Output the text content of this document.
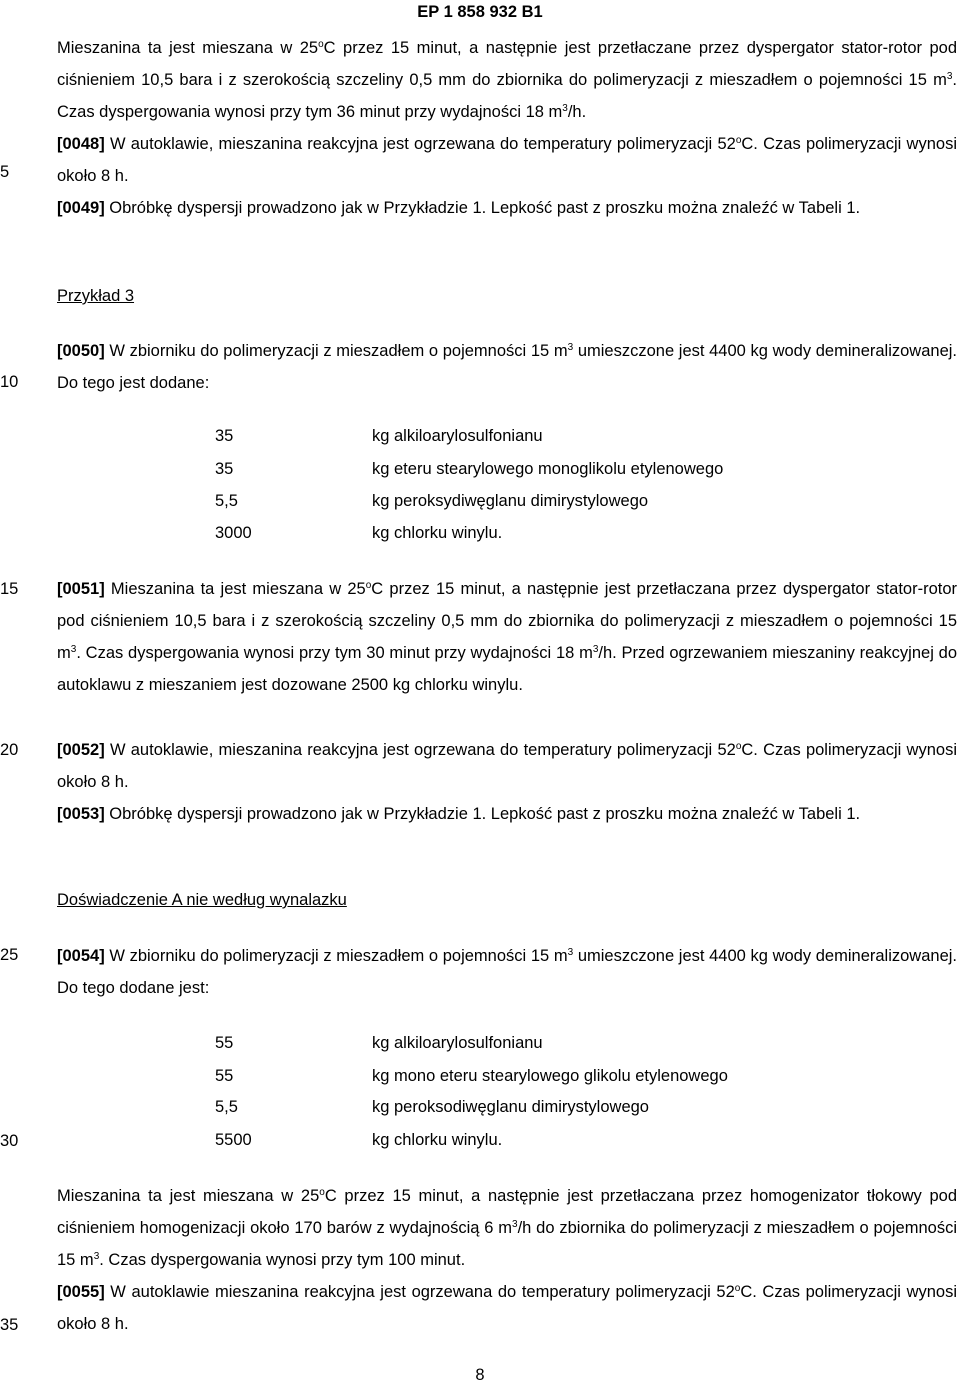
EP 1 858 932 B1
5
10
15
20
25
30
35

Mieszanina ta jest mieszana w 25$^o$C przez 15 minut, a następnie jest przetłaczane przez dyspergator stator-rotor pod ciśnieniem 10,5 bara i z szerokością szczeliny 0,5 mm do zbiornika do polimeryzacji z mieszadłem o pojemności 15 $m^3$. Czas dyspergowania wynosi przy tym 36 minut przy wydajności 18 $m^3/h$.

[0048] W autoklawie, mieszanina reakcyjna jest ogrzewana do temperatury polimeryzacji 52$^o$C. Czas polimeryzacji wynosi około 8 h.

[0049] Obróbkę dyspersji prowadzono jak w Przykładzie 1. Lepkość past z proszku można znaleźć w Tabeli 1.

Przykład 3

[0050] W zbiorniku do polimeryzacji z mieszadłem o pojemności 15 $m^3$ umieszczone jest 4400 kg wody demineralizowanej. Do tego jest dodane:

35	kg alkiloarylosulfonianu
35	kg eteru stearylowego monoglikolu etylenowego
5,5	kg peroksydiwęglanu dimirystylowego
3000	kg chlorku winylu.

[0051] Mieszanina ta jest mieszana w 25$^o$C przez 15 minut, a następnie jest przetłaczana przez dyspergator stator-rotor pod ciśnieniem 10,5 bara i z szerokością szczeliny 0,5 mm do zbiornika do polimeryzacji z mieszadłem o pojemności 15 $m^3$. Czas dyspergowania wynosi przy tym 30 minut przy wydajności 18 $m^3/h$. Przed ogrzewaniem mieszaniny reakcyjnej do autoklawu z mieszaniem jest dozowane 2500 kg chlorku winylu.

[0052] W autoklawie, mieszanina reakcyjna jest ogrzewana do temperatury polimeryzacji 52$^o$C. Czas polimeryzacji wynosi około 8 h.

[0053] Obróbkę dyspersji prowadzono jak w Przykładzie 1. Lepkość past z proszku można znaleźć w Tabeli 1.

Doświadczenie A nie według wynalazku

[0054] W zbiorniku do polimeryzacji z mieszadłem o pojemności 15 $m^3$ umieszczone jest 4400 kg wody demineralizowanej. Do tego dodane jest:

55	kg alkiloarylosulfonianu
55	kg mono eteru stearylowego glikolu etylenowego
5,5	kg peroksodiwęglanu dimirystylowego
5500	kg chlorku winylu.

Mieszanina ta jest mieszana w 25$^o$C przez 15 minut, a następnie jest przetłaczana przez homogenizator tłokowy pod ciśnieniem homogenizacji około 170 barów z wydajnością 6 $m^3/h$ do zbiornika do polimeryzacji z mieszadłem o pojemności 15 $m^3$. Czas dyspergowania wynosi przy tym 100 minut.

[0055] W autoklawie mieszanina reakcyjna jest ogrzewana do temperatury polimeryzacji 52$^o$C. Czas polimeryzacji wynosi około 8 h.

8
